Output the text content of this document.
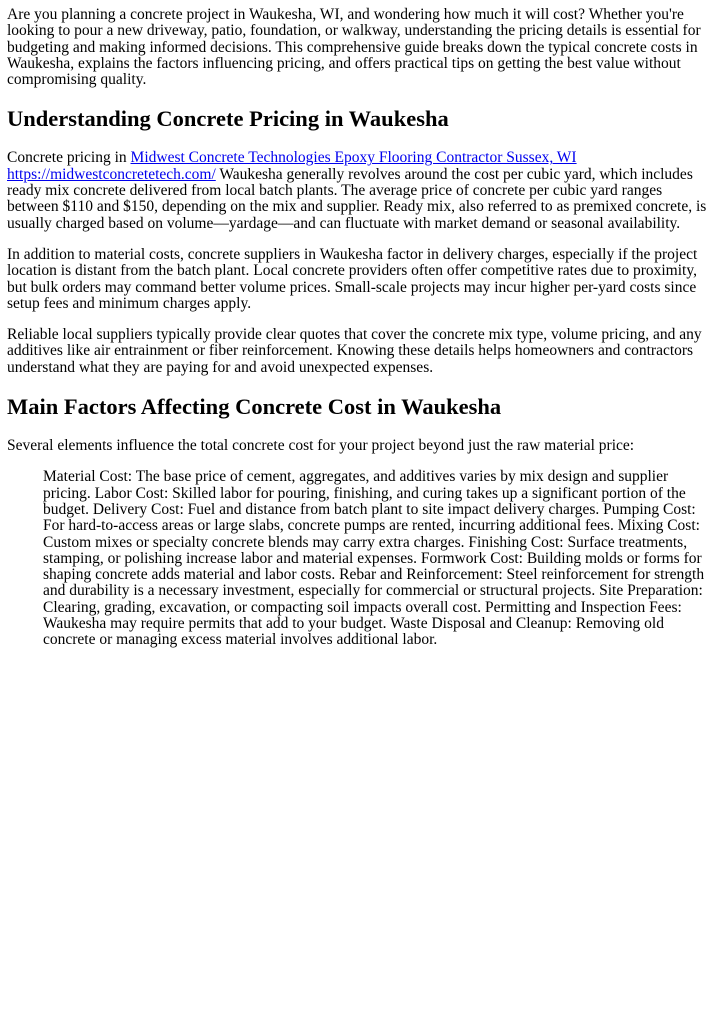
Are you planning a concrete project in Waukesha, WI, and wondering how much it will cost? Whether you're looking to pour a new driveway, patio, foundation, or walkway, understanding the pricing details is essential for budgeting and making informed decisions. This comprehensive guide breaks down the typical concrete costs in Waukesha, explains the factors influencing pricing, and offers practical tips on getting the best value without compromising quality.

Understanding Concrete Pricing in Waukesha

Concrete pricing in Midwest Concrete Technologies Epoxy Flooring Contractor Sussex, WI
https://midwestconcretetech.com/ Waukesha generally revolves around the cost per cubic yard, which includes ready mix concrete delivered from local batch plants. The average price of concrete per cubic yard ranges between $110 and $150, depending on the mix and supplier. Ready mix, also referred to as premixed concrete, is usually charged based on volume—yardage—and can fluctuate with market demand or seasonal availability.

In addition to material costs, concrete suppliers in Waukesha factor in delivery charges, especially if the project location is distant from the batch plant. Local concrete providers often offer competitive rates due to proximity, but bulk orders may command better volume prices. Small-scale projects may incur higher per-yard costs since setup fees and minimum charges apply.

Reliable local suppliers typically provide clear quotes that cover the concrete mix type, volume pricing, and any additives like air entrainment or fiber reinforcement. Knowing these details helps homeowners and contractors understand what they are paying for and avoid unexpected expenses.

Main Factors Affecting Concrete Cost in Waukesha

Several elements influence the total concrete cost for your project beyond just the raw material price:

Material Cost: The base price of cement, aggregates, and additives varies by mix design and supplier pricing. Labor Cost: Skilled labor for pouring, finishing, and curing takes up a significant portion of the budget. Delivery Cost: Fuel and distance from batch plant to site impact delivery charges. Pumping Cost: For hard-to-access areas or large slabs, concrete pumps are rented, incurring additional fees. Mixing Cost: Custom mixes or specialty concrete blends may carry extra charges. Finishing Cost: Surface treatments, stamping, or polishing increase labor and material expenses. Formwork Cost: Building molds or forms for shaping concrete adds material and labor costs. Rebar and Reinforcement: Steel reinforcement for strength and durability is a necessary investment, especially for commercial or structural projects. Site Preparation: Clearing, grading, excavation, or compacting soil impacts overall cost. Permitting and Inspection Fees: Waukesha may require permits that add to your budget. Waste Disposal and Cleanup: Removing old concrete or managing excess material involves additional labor.
